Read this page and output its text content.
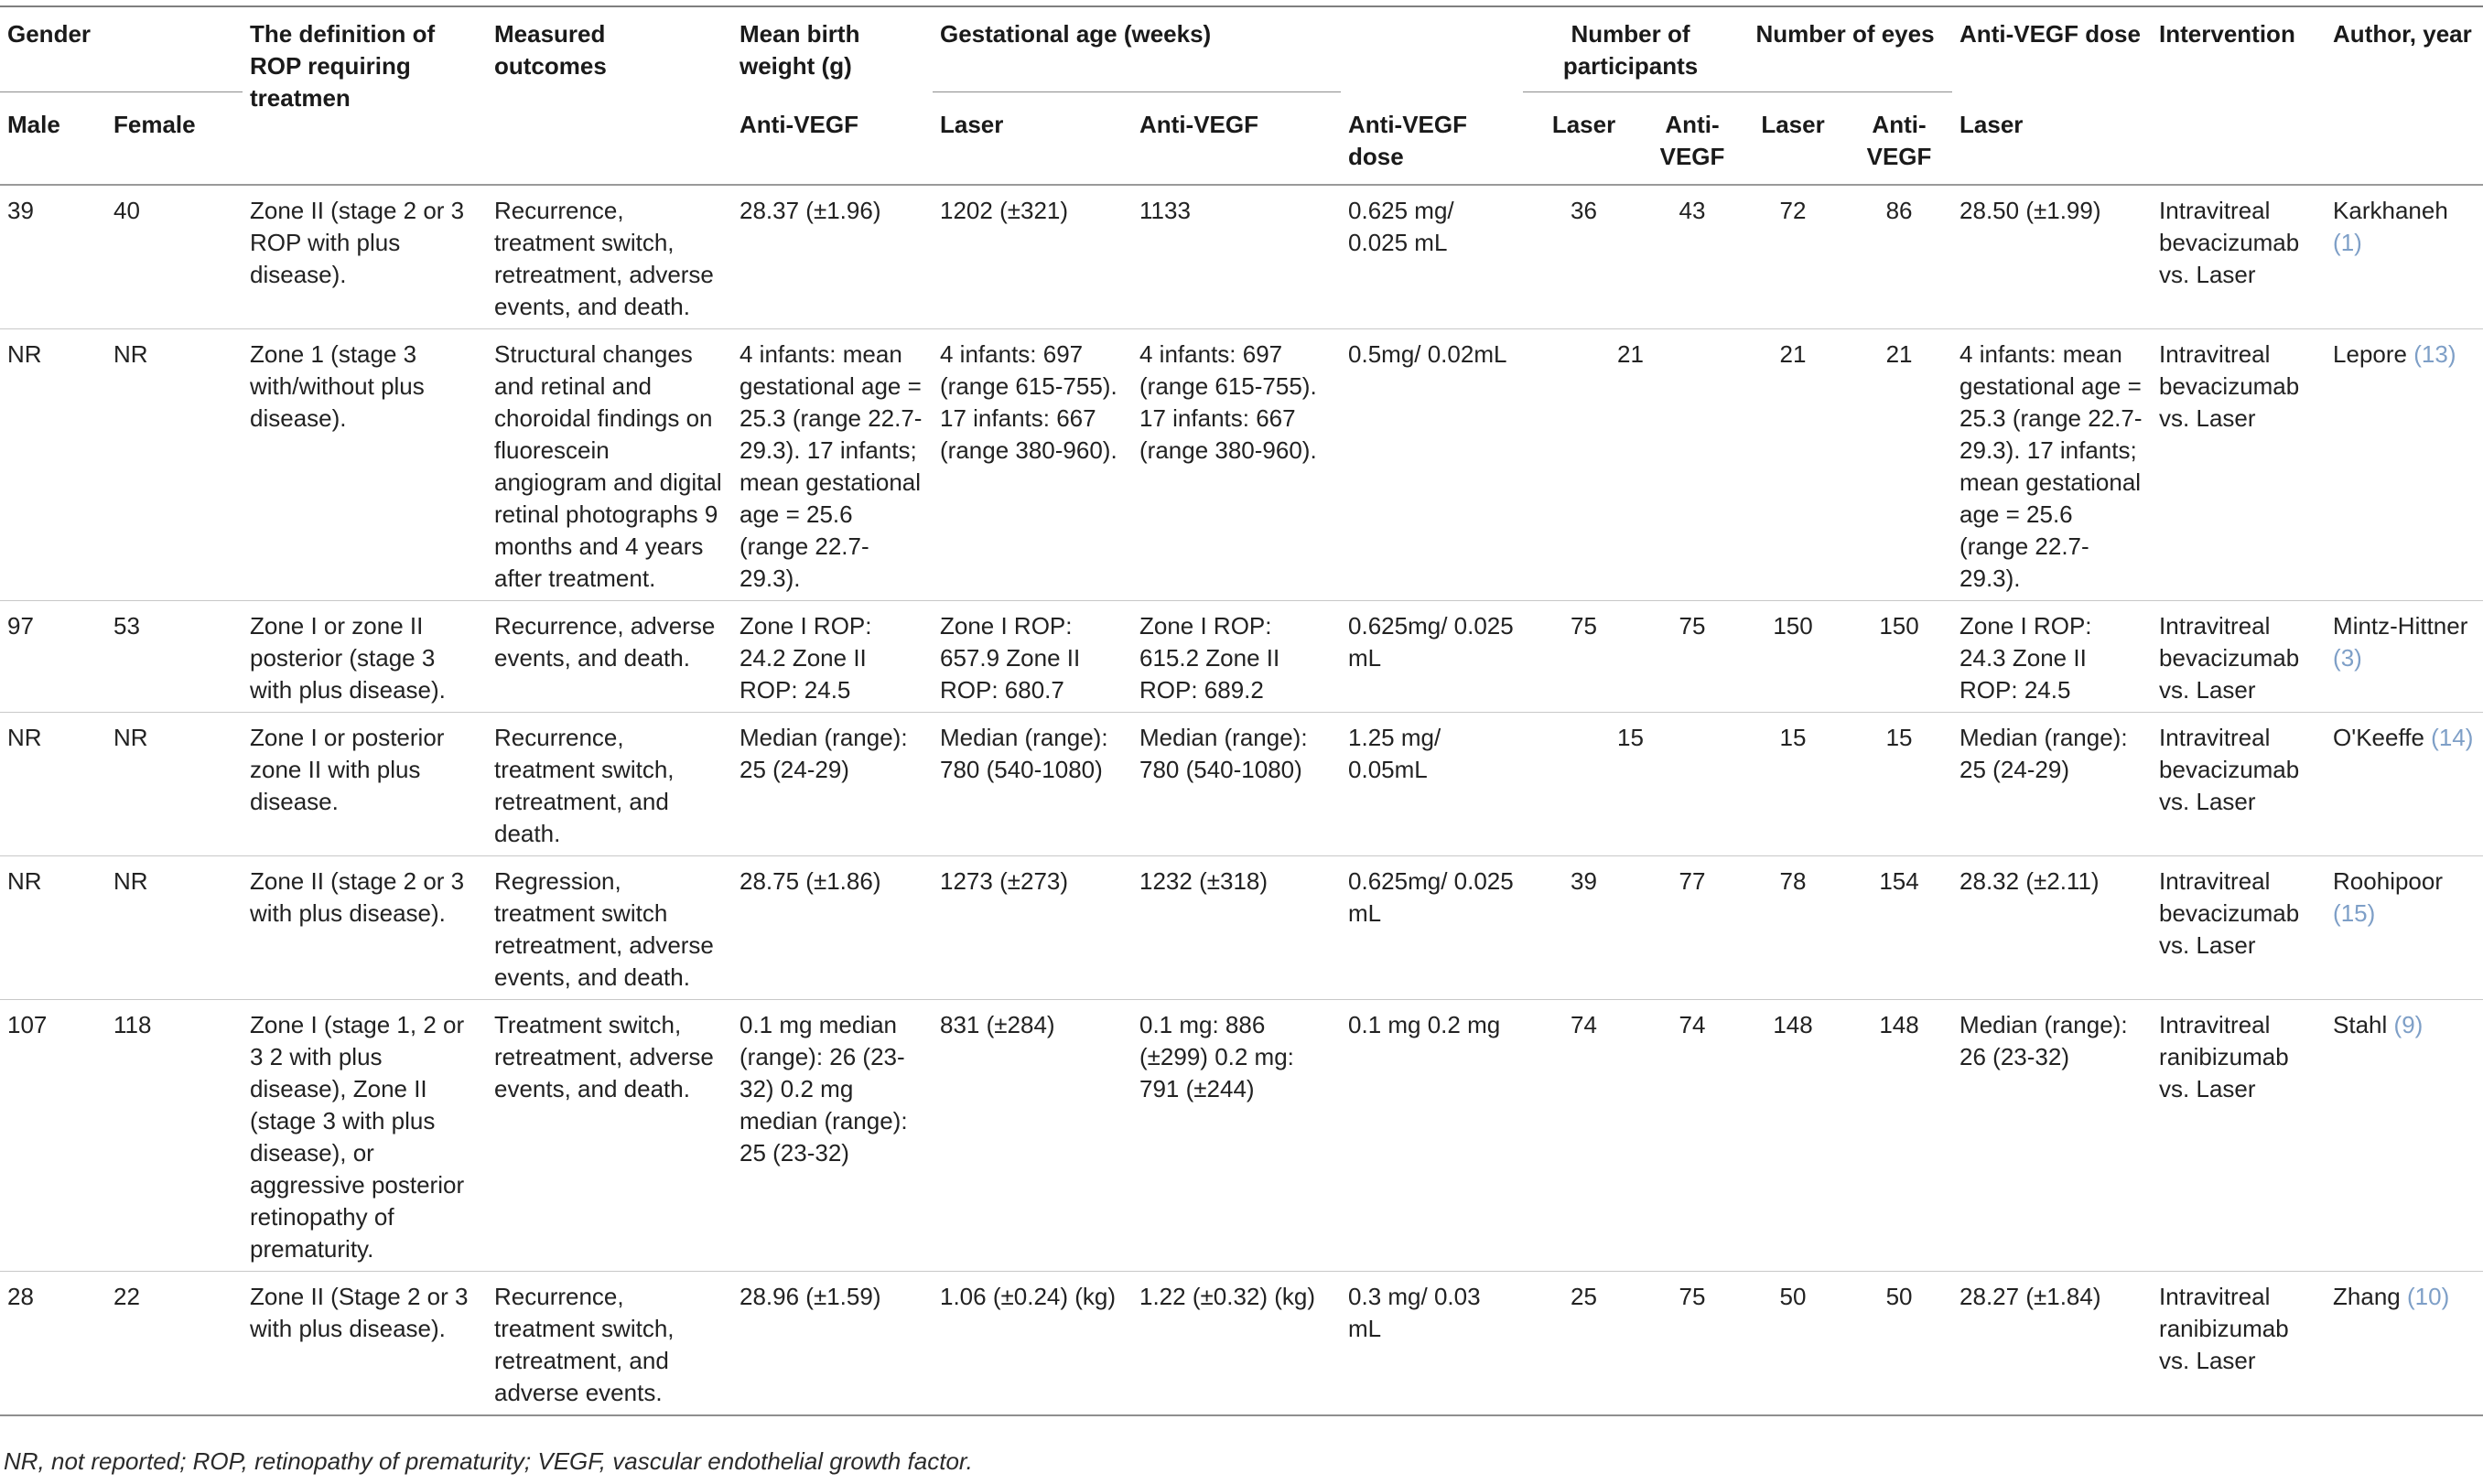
Gender		The definition of ROP requiring treatmen	Measured outcomes	Mean birth weight (g)	Gestational age (weeks)			Number of participants		Number of eyes		Anti-VEGF dose	Intervention	Author, year
Male	Female			Anti-VEGF	Laser	Anti-VEGF	Anti-VEGF dose	Laser	Anti-VEGF	Laser	Anti-VEGF	Laser		
39	40	Zone II (stage 2 or 3 ROP with plus disease).	Recurrence, treatment switch, retreatment, adverse events, and death.	28.37 (±1.96)	1202 (±321)	1133	0.625 mg/ 0.025 mL	36	43	72	86	28.50 (±1.99)	Intravitreal bevacizumab vs. Laser	Karkhaneh (1)
NR	NR	Zone 1 (stage 3 with/without plus disease).	Structural changes and retinal and choroidal findings on fluorescein angiogram and digital retinal photographs 9 months and 4 years after treatment.	4 infants: mean gestational age = 25.3 (range 22.7-29.3). 17 infants; mean gestational age = 25.6 (range 22.7-29.3).	4 infants: 697 (range 615-755). 17 infants: 667 (range 380-960).	4 infants: 697 (range 615-755). 17 infants: 667 (range 380-960).	0.5mg/ 0.02mL	21		21	21	4 infants: mean gestational age = 25.3 (range 22.7-29.3). 17 infants; mean gestational age = 25.6 (range 22.7-29.3).	Intravitreal bevacizumab vs. Laser	Lepore (13)
97	53	Zone I or zone II posterior (stage 3 with plus disease).	Recurrence, adverse events, and death.	Zone I ROP: 24.2 Zone II ROP: 24.5	Zone I ROP: 657.9 Zone II ROP: 680.7	Zone I ROP: 615.2 Zone II ROP: 689.2	0.625mg/ 0.025 mL	75	75	150	150	Zone I ROP: 24.3 Zone II ROP: 24.5	Intravitreal bevacizumab vs. Laser	Mintz-Hittner (3)
NR	NR	Zone I or posterior zone II with plus disease.	Recurrence, treatment switch, retreatment, and death.	Median (range): 25 (24-29)	Median (range): 780 (540-1080)	Median (range): 780 (540-1080)	1.25 mg/ 0.05mL	15		15	15	Median (range): 25 (24-29)	Intravitreal bevacizumab vs. Laser	O'Keeffe (14)
NR	NR	Zone II (stage 2 or 3 with plus disease).	Regression, treatment switch retreatment, adverse events, and death.	28.75 (±1.86)	1273 (±273)	1232 (±318)	0.625mg/ 0.025 mL	39	77	78	154	28.32 (±2.11)	Intravitreal bevacizumab vs. Laser	Roohipoor (15)
107	118	Zone I (stage 1, 2 or 3 2 with plus disease), Zone II (stage 3 with plus disease), or aggressive posterior retinopathy of prematurity.	Treatment switch, retreatment, adverse events, and death.	0.1 mg median (range): 26 (23-32) 0.2 mg median (range): 25 (23-32)	831 (±284)	0.1 mg: 886 (±299) 0.2 mg: 791 (±244)	0.1 mg 0.2 mg	74	74	148	148	Median (range): 26 (23-32)	Intravitreal ranibizumab vs. Laser	Stahl (9)
28	22	Zone II (Stage 2 or 3 with plus disease).	Recurrence, treatment switch, retreatment, and adverse events.	28.96 (±1.59)	1.06 (±0.24) (kg)	1.22 (±0.32) (kg)	0.3 mg/ 0.03 mL	25	75	50	50	28.27 (±1.84)	Intravitreal ranibizumab vs. Laser	Zhang (10)
NR, not reported; ROP, retinopathy of prematurity; VEGF, vascular endothelial growth factor.
